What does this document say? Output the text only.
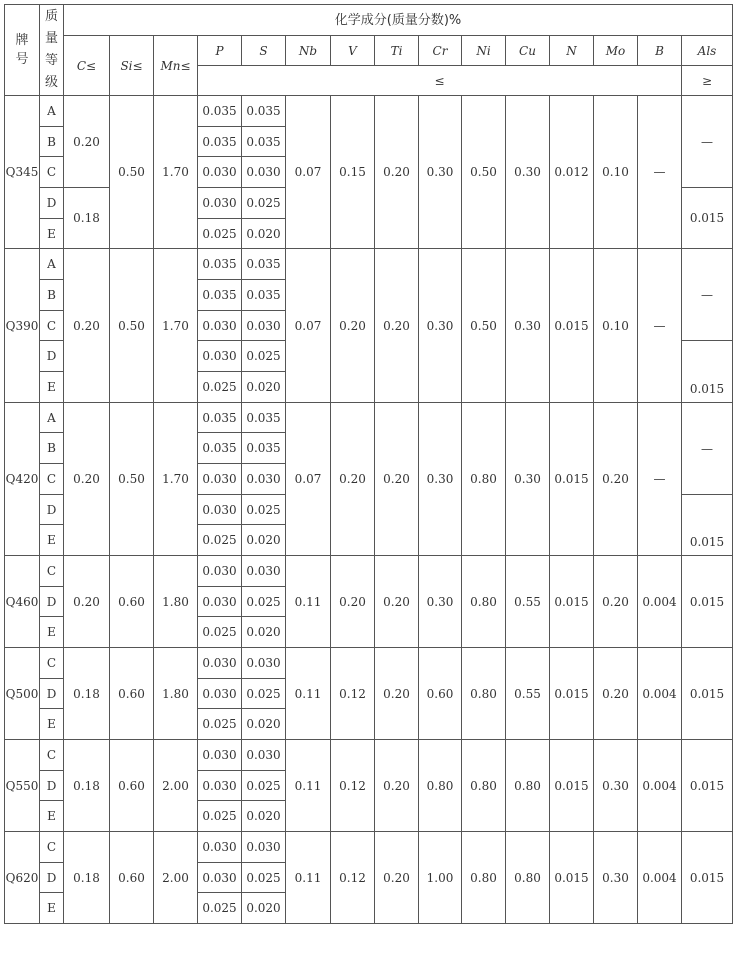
牌号	质量等级	化学成分(质量分数)%														
		C≤	Si≤	Mn≤	P	S	Nb	V	Ti	Cr	Ni	Cu	N	Mo	B	Als
					≤											≥
Q345	A	0.20	0.50	1.70	0.035	0.035	0.07	0.15	0.20	0.30	0.50	0.30	0.012	0.10	—	—
	B				0.035	0.035										
	C				0.030	0.030										
	D	0.18			0.030	0.025										0.015
	E				0.025	0.020										
Q390	A	0.20	0.50	1.70	0.035	0.035	0.07	0.20	0.20	0.30	0.50	0.30	0.015	0.10	—	—
	B				0.035	0.035										
	C				0.030	0.030										
	D				0.030	0.025										0.015
	E				0.025	0.020										
Q420	A	0.20	0.50	1.70	0.035	0.035	0.07	0.20	0.20	0.30	0.80	0.30	0.015	0.20	—	—
	B				0.035	0.035										
	C				0.030	0.030										
	D				0.030	0.025										0.015
	E				0.025	0.020										
Q460	C	0.20	0.60	1.80	0.030	0.030	0.11	0.20	0.20	0.30	0.80	0.55	0.015	0.20	0.004	0.015
	D				0.030	0.025										
	E				0.025	0.020										
Q500	C	0.18	0.60	1.80	0.030	0.030	0.11	0.12	0.20	0.60	0.80	0.55	0.015	0.20	0.004	0.015
	D				0.030	0.025										
	E				0.025	0.020										
Q550	C	0.18	0.60	2.00	0.030	0.030	0.11	0.12	0.20	0.80	0.80	0.80	0.015	0.30	0.004	0.015
	D				0.030	0.025										
	E				0.025	0.020										
Q620	C	0.18	0.60	2.00	0.030	0.030	0.11	0.12	0.20	1.00	0.80	0.80	0.015	0.30	0.004	0.015
	D				0.030	0.025										
	E				0.025	0.020										
